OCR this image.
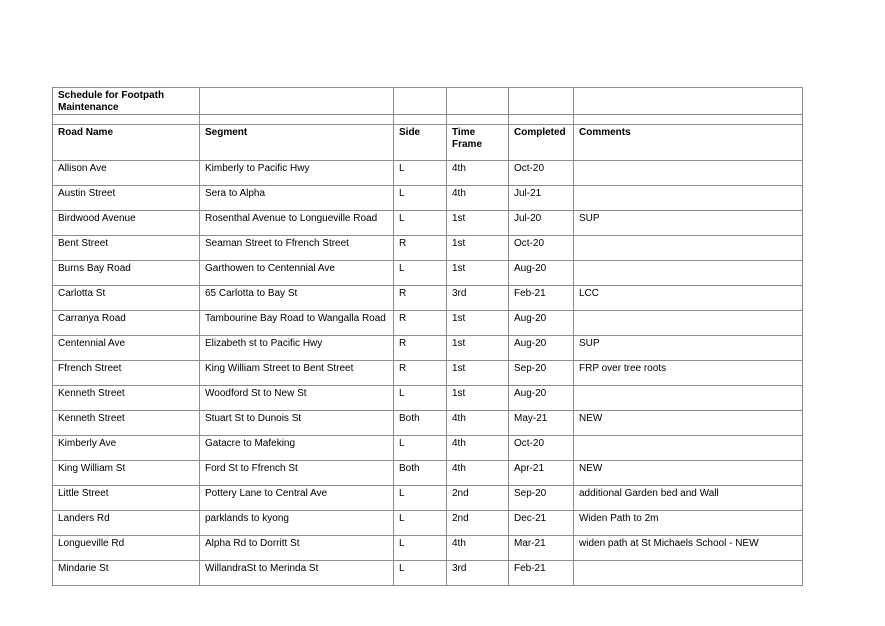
Schedule for Footpath Maintenance					

Road Name	Segment	Side	Time Frame	Completed	Comments
Allison Ave	Kimberly to Pacific Hwy	L	4th	Oct-20	
Austin Street	Sera to Alpha	L	4th	Jul-21	
Birdwood Avenue	Rosenthal Avenue to Longueville Road	L	1st	Jul-20	SUP
Bent Street	Seaman Street to Ffrench Street	R	1st	Oct-20	
Burns Bay Road	Garthowen to Centennial Ave	L	1st	Aug-20	
Carlotta St	65 Carlotta to Bay St	R	3rd	Feb-21	LCC
Carranya Road	Tambourine Bay Road to Wangalla Road	R	1st	Aug-20	
Centennial Ave	Elizabeth st to Pacific Hwy	R	1st	Aug-20	SUP
Ffrench Street	King William Street to Bent Street	R	1st	Sep-20	FRP over tree roots
Kenneth Street	Woodford St to New St	L	1st	Aug-20	
Kenneth Street	Stuart St to Dunois St	Both	4th	May-21	NEW
Kimberly Ave	Gatacre to Mafeking	L	4th	Oct-20	
King William St	Ford St to Ffrench St	Both	4th	Apr-21	NEW
Little Street	Pottery Lane to Central Ave	L	2nd	Sep-20	additional Garden bed and Wall
Landers Rd	parklands to kyong	L	2nd	Dec-21	Widen Path to 2m
Longueville Rd	Alpha Rd to Dorritt St	L	4th	Mar-21	widen path at St Michaels School - NEW
Mindarie St	WillandraSt to Merinda St	L	3rd	Feb-21	
